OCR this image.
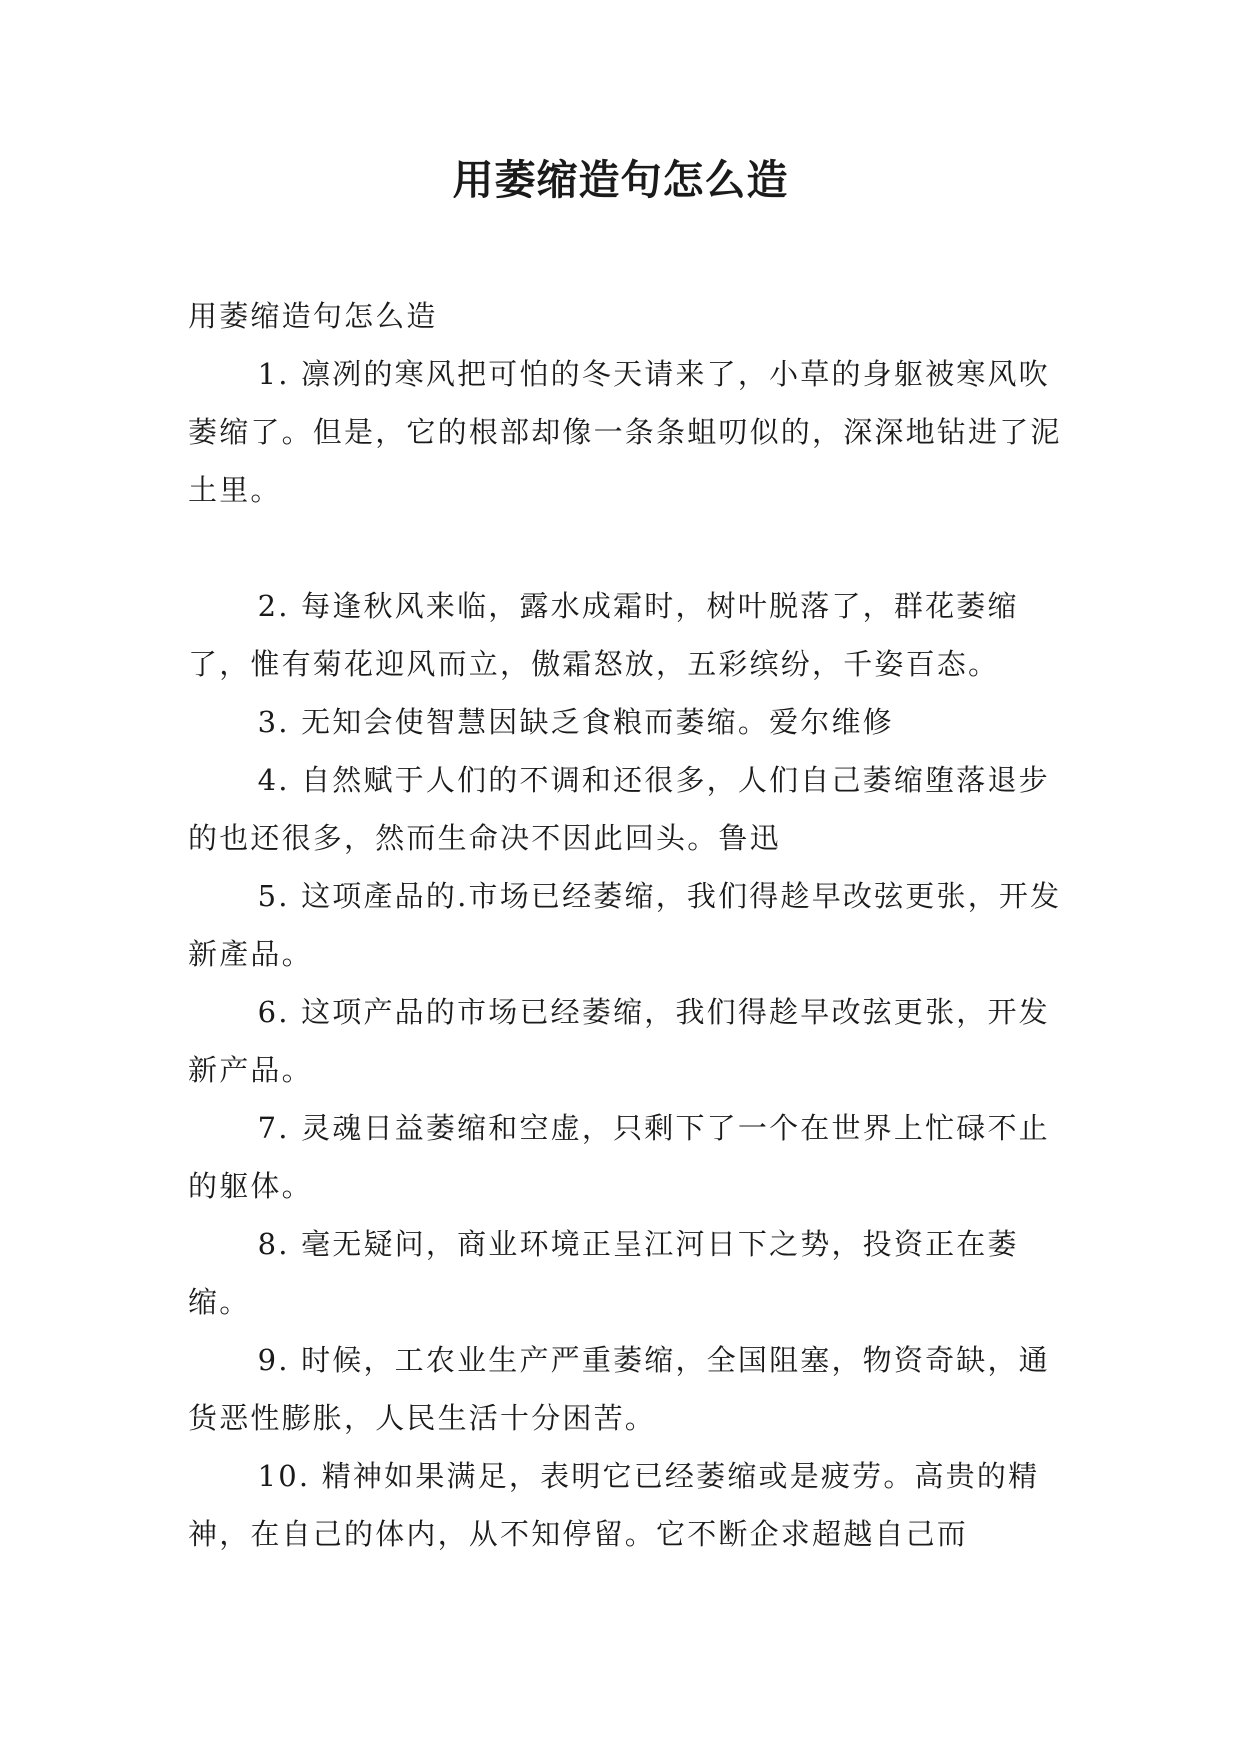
用萎缩造句怎么造

用萎缩造句怎么造

1. 凛冽的寒风把可怕的冬天请来了，小草的身躯被寒风吹萎缩了。但是，它的根部却像一条条蛆叨似的，深深地钻进了泥土里。

2. 每逢秋风来临，露水成霜时，树叶脱落了，群花萎缩了，惟有菊花迎风而立，傲霜怒放，五彩缤纷，千姿百态。

3. 无知会使智慧因缺乏食粮而萎缩。爱尔维修

4. 自然赋于人们的不调和还很多，人们自己萎缩堕落退步的也还很多，然而生命决不因此回头。鲁迅

5. 这项產品的.市场已经萎缩，我们得趁早改弦更张，开发新產品。

6. 这项产品的市场已经萎缩，我们得趁早改弦更张，开发新产品。

7. 灵魂日益萎缩和空虚，只剩下了一个在世界上忙碌不止的躯体。

8. 毫无疑问，商业环境正呈江河日下之势，投资正在萎缩。

9. 时候，工农业生产严重萎缩，全国阻塞，物资奇缺，通货恶性膨胀，人民生活十分困苦。

10. 精神如果满足，表明它已经萎缩或是疲劳。高贵的精神，在自己的体内，从不知停留。它不断企求超越自己而
